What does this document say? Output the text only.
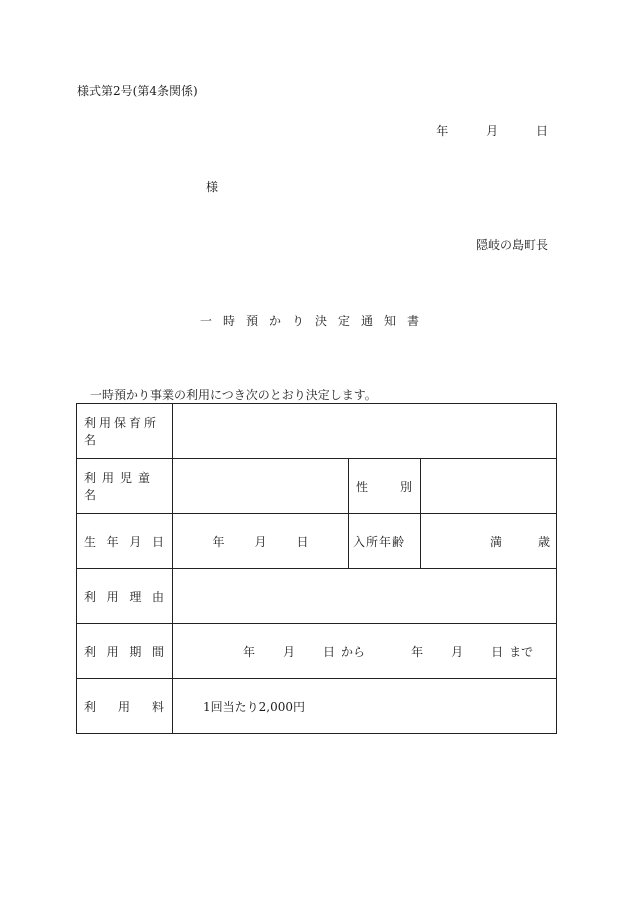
様式第2号(第4条関係)
年	月	日
様
隠岐の島町長
一時預かり決定通知書
一時預かり事業の利用につき次のとおり決定します。
利用保育所名			
利用児童名		性 別	

生 年 月 日	年 月 日	入所年齢	満 歳

利 用 理 由			

利 用 期 間	年 月 日 から 年 月 日 まで		

利 用 料	1回当たり2,000円		
